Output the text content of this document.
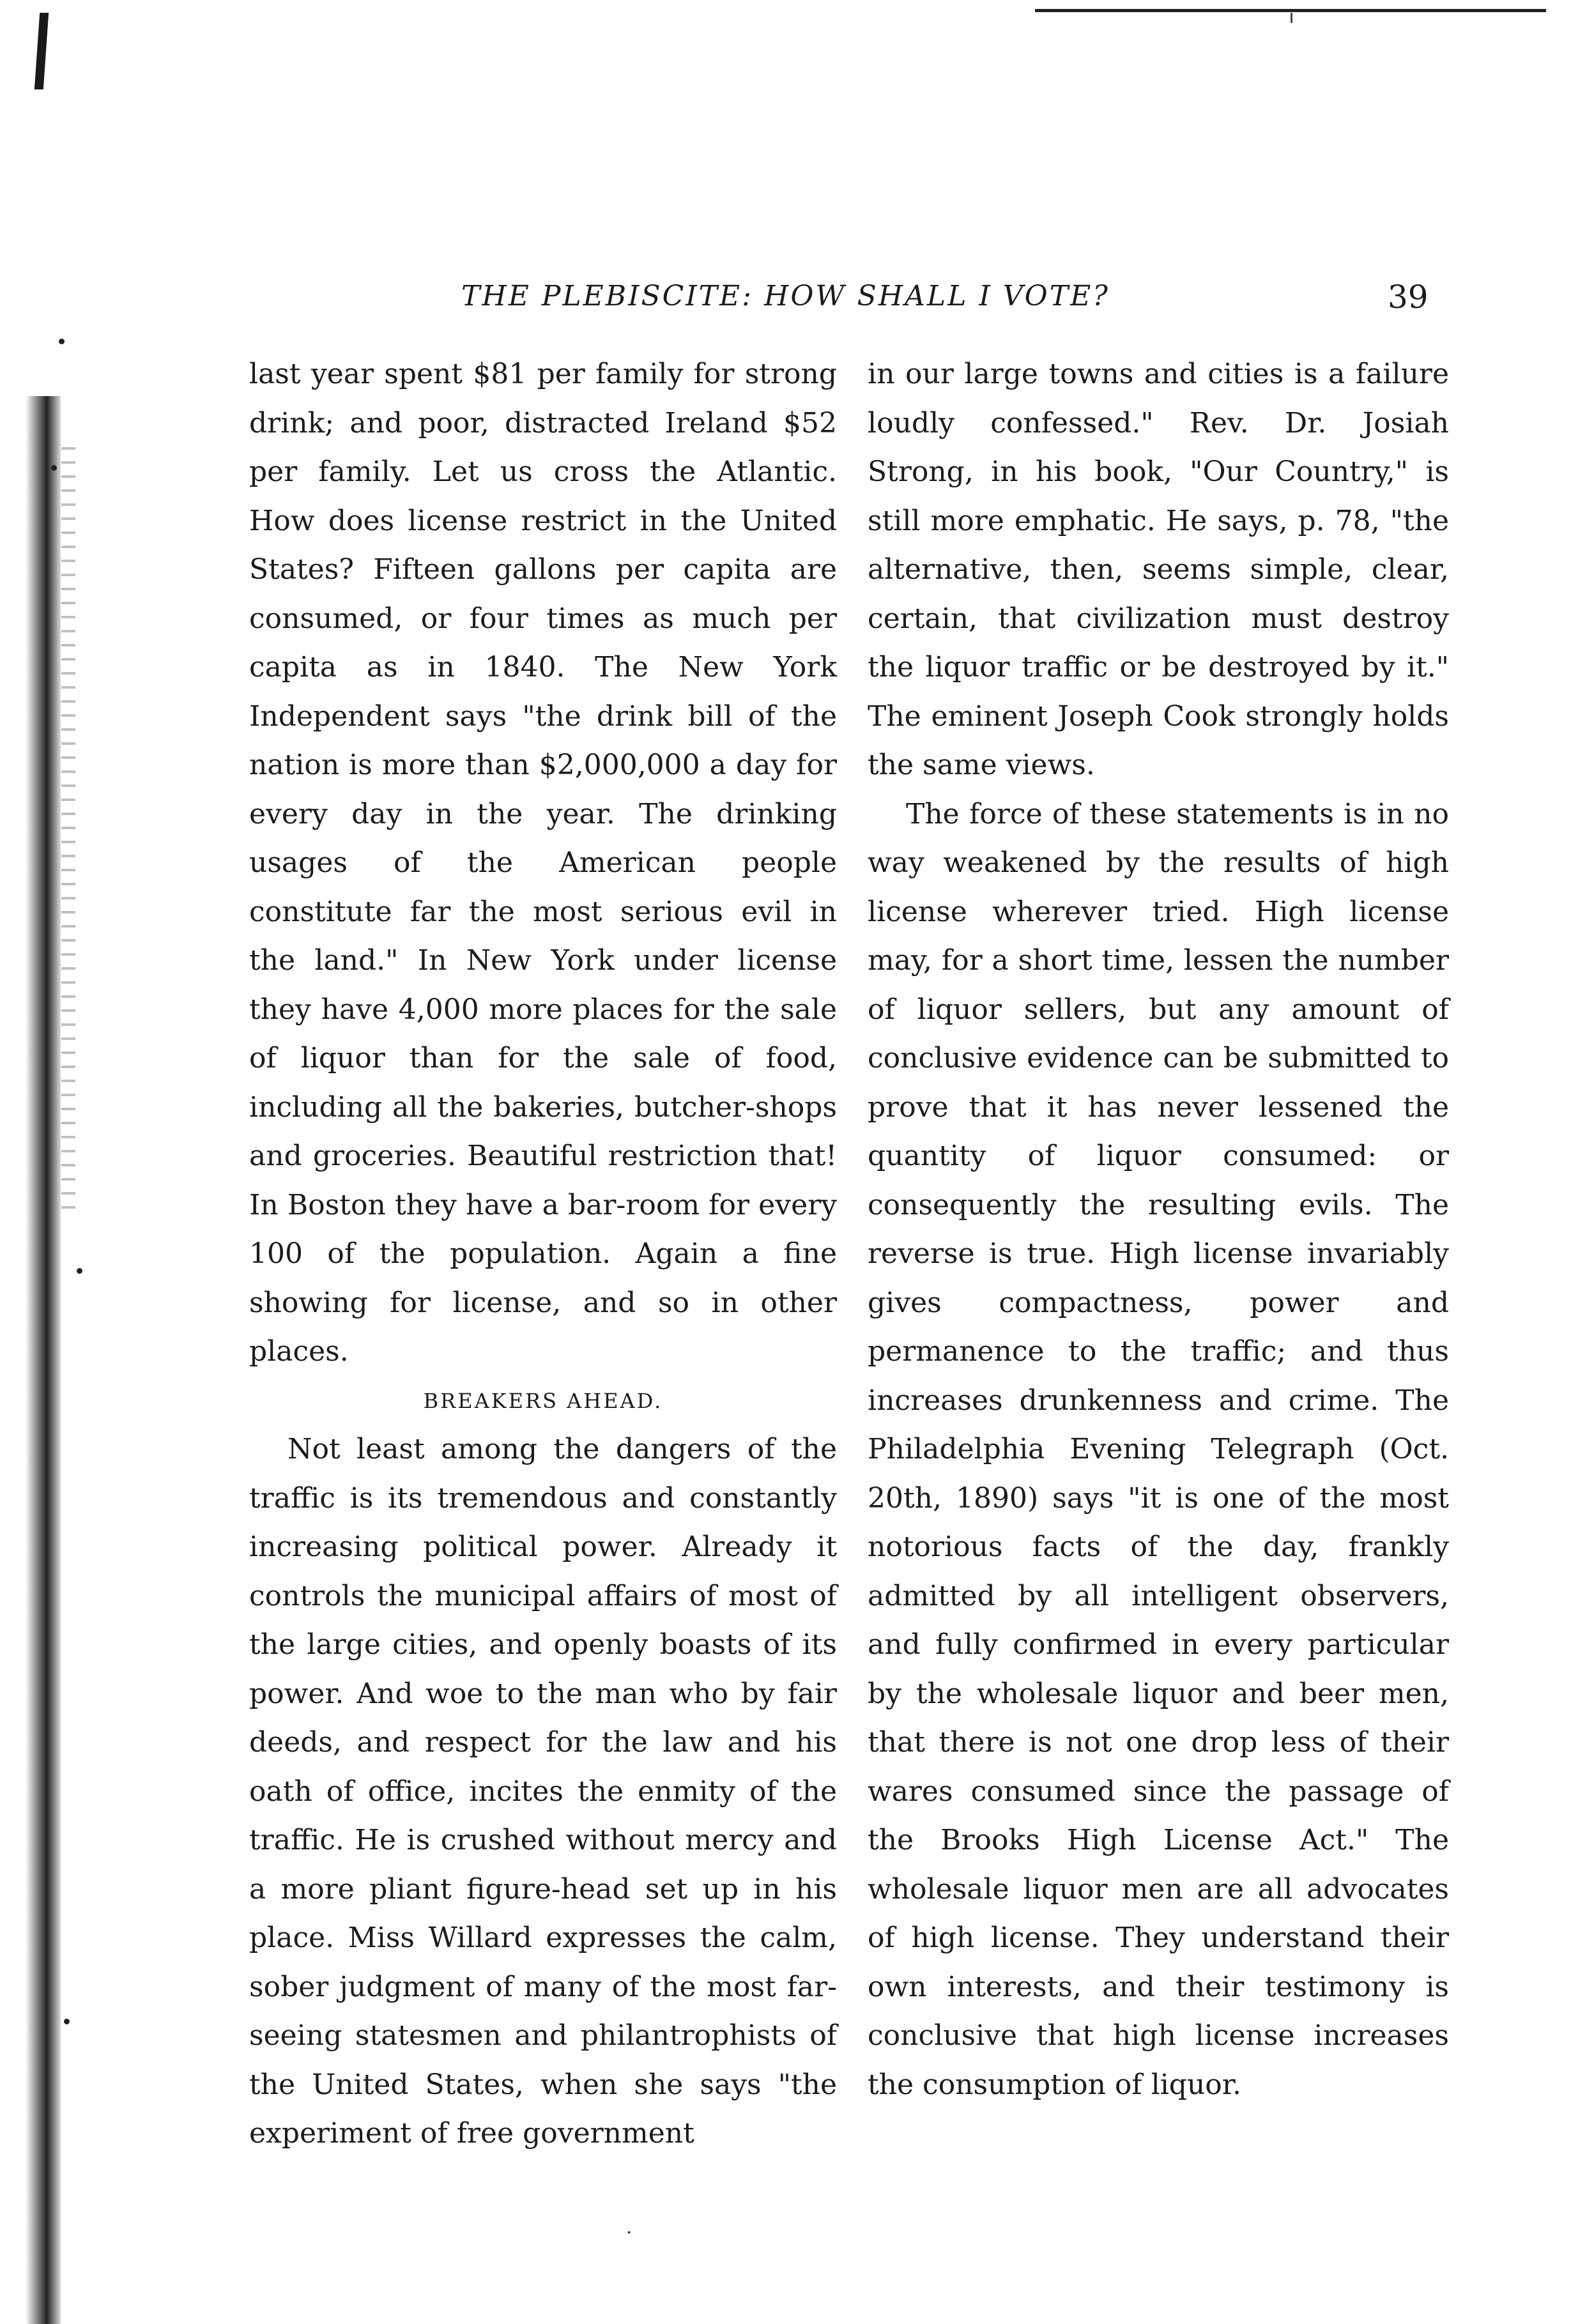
THE PLEBISCITE: HOW SHALL I VOTE?	39

last year spent $81 per family for strong drink; and poor, distracted Ireland $52 per family. Let us cross the Atlantic. How does license restrict in the United States? Fifteen gallons per capita are consumed, or four times as much per capita as in 1840. The New York Independent says "the drink bill of the nation is more than $2,000,000 a day for every day in the year. The drinking usages of the American people constitute far the most serious evil in the land." In New York under license they have 4,000 more places for the sale of liquor than for the sale of food, including all the bakeries, butcher-shops and groceries. Beautiful restriction that! In Boston they have a bar-room for every 100 of the population. Again a fine showing for license, and so in other places.

BREAKERS AHEAD.

Not least among the dangers of the traffic is its tremendous and constantly increasing political power. Already it controls the municipal affairs of most of the large cities, and openly boasts of its power. And woe to the man who by fair deeds, and respect for the law and his oath of office, incites the enmity of the traffic. He is crushed without mercy and a more pliant figure-head set up in his place. Miss Willard expresses the calm, sober judgment of many of the most far-seeing statesmen and philantrophists of the United States, when she says "the experiment of free government

in our large towns and cities is a failure loudly confessed." Rev. Dr. Josiah Strong, in his book, "Our Country," is still more emphatic. He says, p. 78, "the alternative, then, seems simple, clear, certain, that civilization must destroy the liquor traffic or be destroyed by it." The eminent Joseph Cook strongly holds the same views.

The force of these statements is in no way weakened by the results of high license wherever tried. High license may, for a short time, lessen the number of liquor sellers, but any amount of conclusive evidence can be submitted to prove that it has never lessened the quantity of liquor consumed: or consequently the resulting evils. The reverse is true. High license invariably gives compactness, power and permanence to the traffic; and thus increases drunkenness and crime. The Philadelphia Evening Telegraph (Oct. 20th, 1890) says "it is one of the most notorious facts of the day, frankly admitted by all intelligent observers, and fully confirmed in every particular by the wholesale liquor and beer men, that there is not one drop less of their wares consumed since the passage of the Brooks High License Act." The wholesale liquor men are all advocates of high license. They understand their own interests, and their testimony is conclusive that high license increases the consumption of liquor.

·
